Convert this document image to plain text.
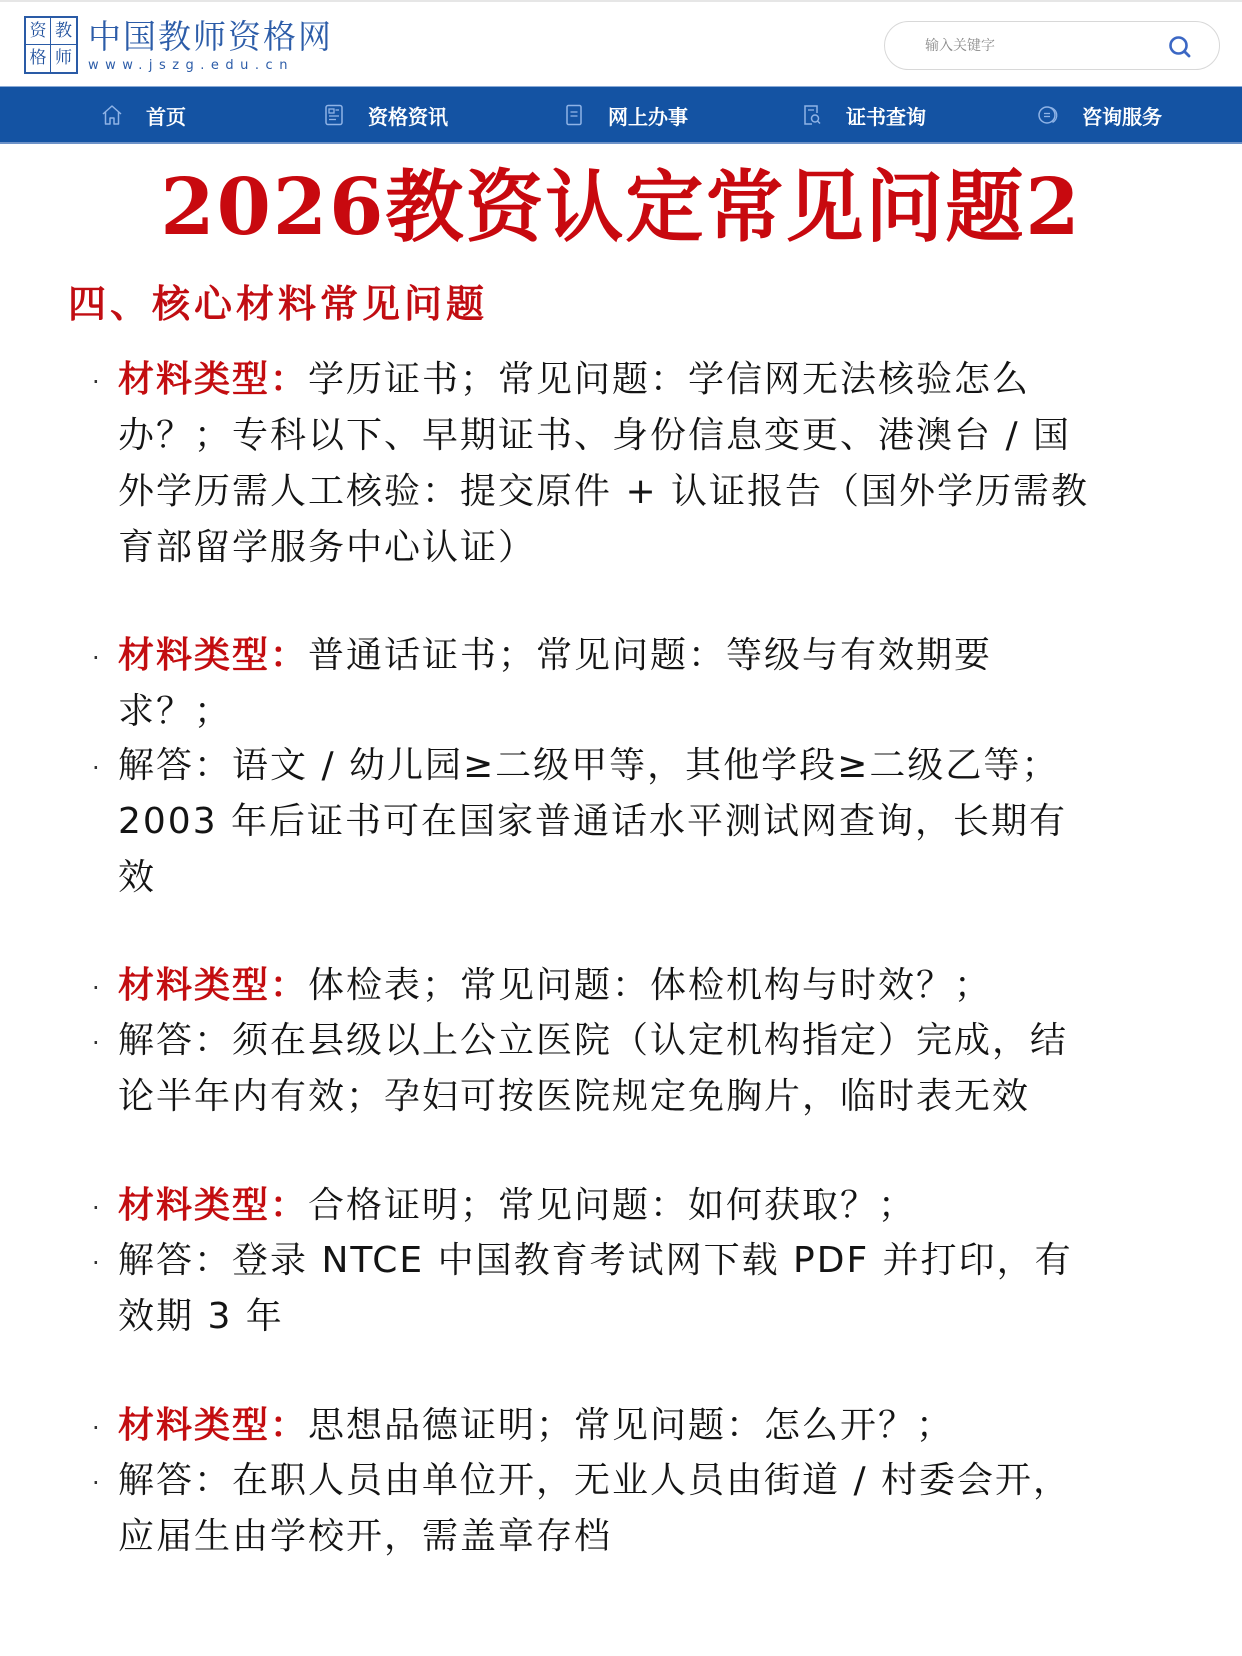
资 教
格 师
中国教师资格网
www.jszg.edu.cn
输入关键字
首页	资格资讯	网上办事	证书查询	咨询服务
2026教资认定常见问题2
四、核心材料常见问题
· 材料类型：学历证书；常见问题：学信网无法核验怎么
办？；专科以下、早期证书、身份信息变更、港澳台 / 国
外学历需人工核验：提交原件 + 认证报告（国外学历需教
育部留学服务中心认证）
· 材料类型：普通话证书；常见问题：等级与有效期要
求？；
· 解答：语文 / 幼儿园≥二级甲等，其他学段≥二级乙等；
2003 年后证书可在国家普通话水平测试网查询，长期有
效
· 材料类型：体检表；常见问题：体检机构与时效？；
· 解答：须在县级以上公立医院（认定机构指定）完成，结
论半年内有效；孕妇可按医院规定免胸片，临时表无效
· 材料类型：合格证明；常见问题：如何获取？；
· 解答：登录 NTCE 中国教育考试网下载 PDF 并打印，有
效期 3 年
· 材料类型：思想品德证明；常见问题：怎么开？；
· 解答：在职人员由单位开，无业人员由街道 / 村委会开，
应届生由学校开，需盖章存档
